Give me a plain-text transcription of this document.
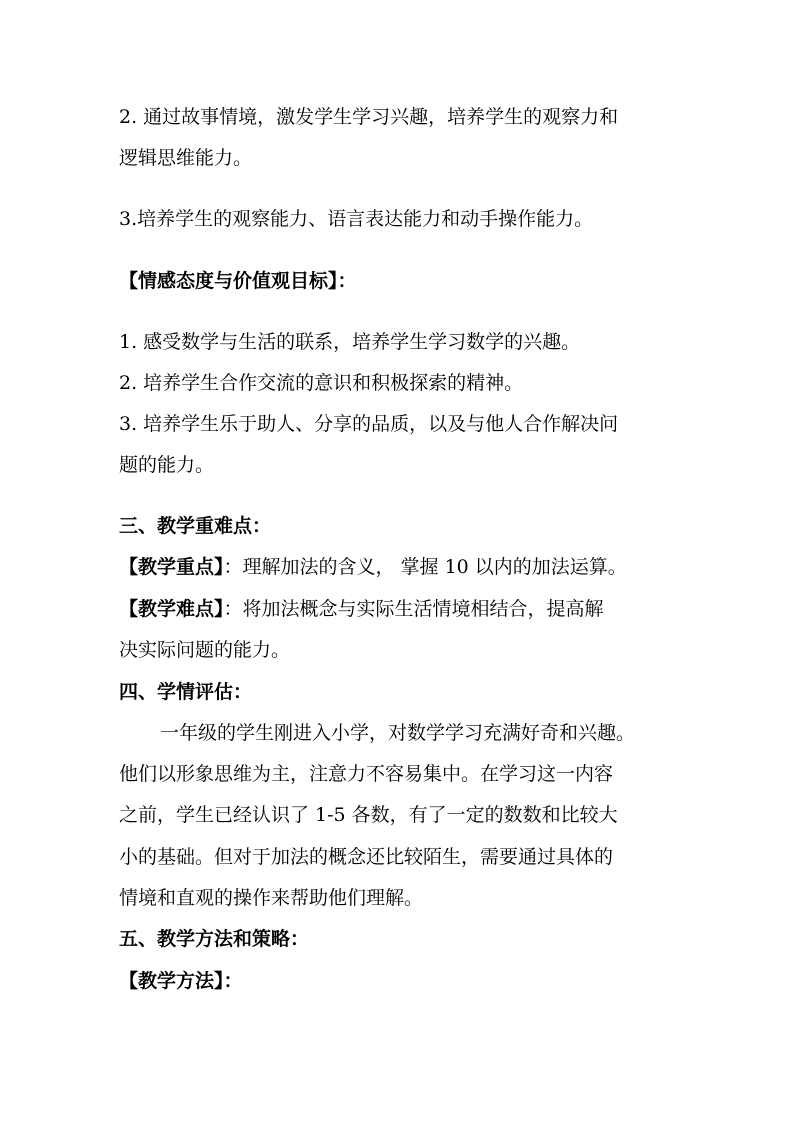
2. 通过故事情境，激发学生学习兴趣，培养学生的观察力和
逻辑思维能力。
3.培养学生的观察能力、语言表达能力和动手操作能力。
【情感态度与价值观目标】：
1. 感受数学与生活的联系，培养学生学习数学的兴趣。
2. 培养学生合作交流的意识和积极探索的精神。
3. 培养学生乐于助人、分享的品质，以及与他人合作解决问
题的能力。
三、教学重难点：
【教学重点】：理解加法的含义， 掌握 10 以内的加法运算。
【教学难点】：将加法概念与实际生活情境相结合，提高解
决实际问题的能力。
四、学情评估：
一年级的学生刚进入小学，对数学学习充满好奇和兴趣。
他们以形象思维为主，注意力不容易集中。在学习这一内容
之前，学生已经认识了 1-5 各数，有了一定的数数和比较大
小的基础。但对于加法的概念还比较陌生，需要通过具体的
情境和直观的操作来帮助他们理解。
五、教学方法和策略：
【教学方法】：
